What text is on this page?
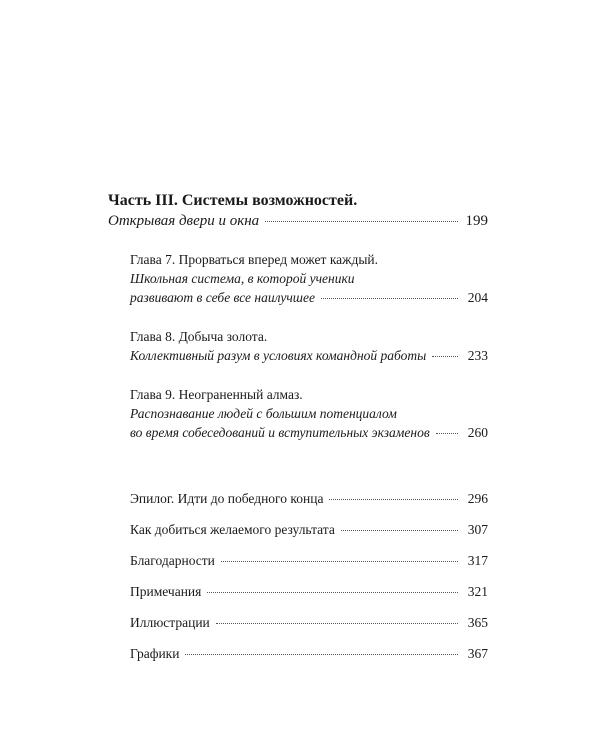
Часть III. Системы возможностей.
Открывая двери и окна	199
Глава 7. Прорваться вперед может каждый.
Школьная система, в которой ученики
развивают в себе все наилучшее	204
Глава 8. Добыча золота.
Коллективный разум в условиях командной работы	233
Глава 9. Неограненный алмаз.
Распознавание людей с большим потенциалом
во время собеседований и вступительных экзаменов	260
Эпилог. Идти до победного конца	296
Как добиться желаемого результата	307
Благодарности	317
Примечания	321
Иллюстрации	365
Графики	367
